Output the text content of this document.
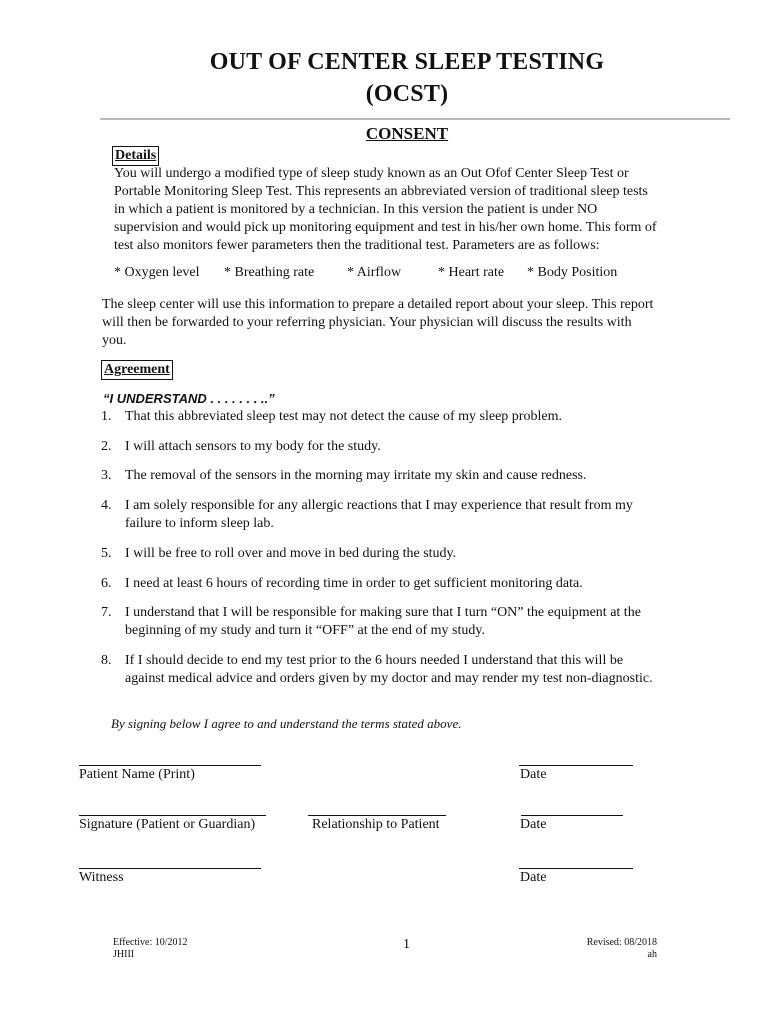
OUT OF CENTER SLEEP TESTING
(OCST)
CONSENT
Details
You will undergo a modified type of sleep study known as an Out Ofof Center Sleep Test or
Portable Monitoring Sleep Test. This represents an abbreviated version of traditional sleep tests
in which a patient is monitored by a technician. In this version the patient is under NO
supervision and would pick up monitoring equipment and test in his/her own home. This form of
test also monitors fewer parameters then the traditional test. Parameters are as follows:
* Oxygen level * Breathing rate * Airflow	* Heart rate * Body Position
The sleep center will use this information to prepare a detailed report about your sleep. This report
will then be forwarded to your referring physician. Your physician will discuss the results with
you.
Agreement
“I UNDERSTAND . . . . . . . ..”
1. That this abbreviated sleep test may not detect the cause of my sleep problem.
2. I will attach sensors to my body for the study.
3. The removal of the sensors in the morning may irritate my skin and cause redness.
4. I am solely responsible for any allergic reactions that I may experience that result from my
failure to inform sleep lab.
5. I will be free to roll over and move in bed during the study.
6. I need at least 6 hours of recording time in order to get sufficient monitoring data.
7. I understand that I will be responsible for making sure that I turn “ON” the equipment at the
beginning of my study and turn it “OFF” at the end of my study.
8. If I should decide to end my test prior to the 6 hours needed I understand that this will be
against medical advice and orders given by my doctor and may render my test non-diagnostic.
By signing below I agree to and understand the terms stated above.
Patient Name (Print)	Date
Signature (Patient or Guardian)	Relationship to Patient	Date
Witness	Date
Effective: 10/2012
JHIII
1	Revised: 08/2018
ah
